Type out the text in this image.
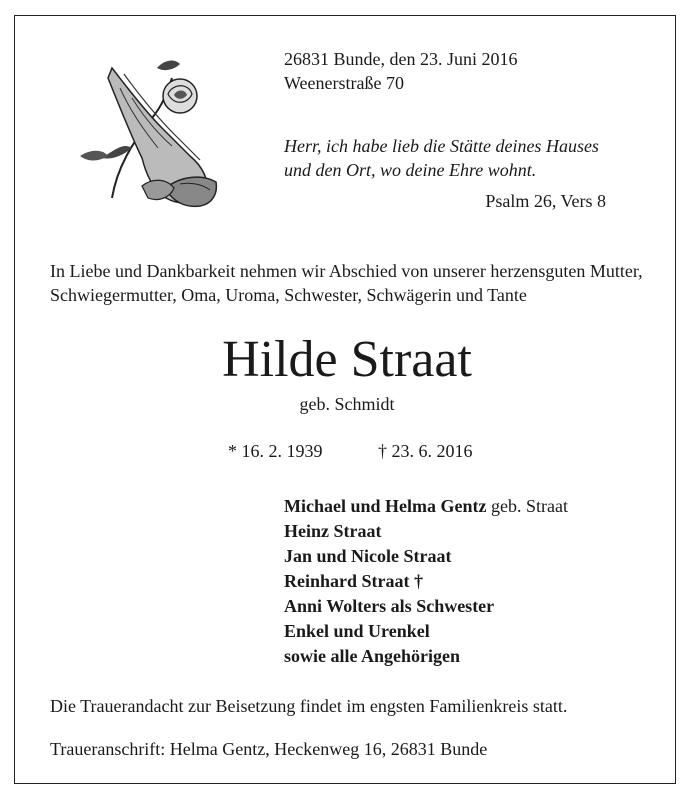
26831 Bunde, den 23. Juni 2016
Weenerstraße 70
Herr, ich habe lieb die Stätte deines Hauses
und den Ort, wo deine Ehre wohnt.
Psalm 26, Vers 8
In Liebe und Dankbarkeit nehmen wir Abschied von unserer herzensguten Mutter,
Schwiegermutter, Oma, Uroma, Schwester, Schwägerin und Tante
Hilde Straat
geb. Schmidt
* 16. 2. 1939	† 23. 6. 2016
Michael und Helma Gentz geb. Straat
Heinz Straat
Jan und Nicole Straat
Reinhard Straat †
Anni Wolters als Schwester
Enkel und Urenkel
sowie alle Angehörigen
Die Trauerandacht zur Beisetzung findet im engsten Familienkreis statt.
Traueranschrift: Helma Gentz, Heckenweg 16, 26831 Bunde
